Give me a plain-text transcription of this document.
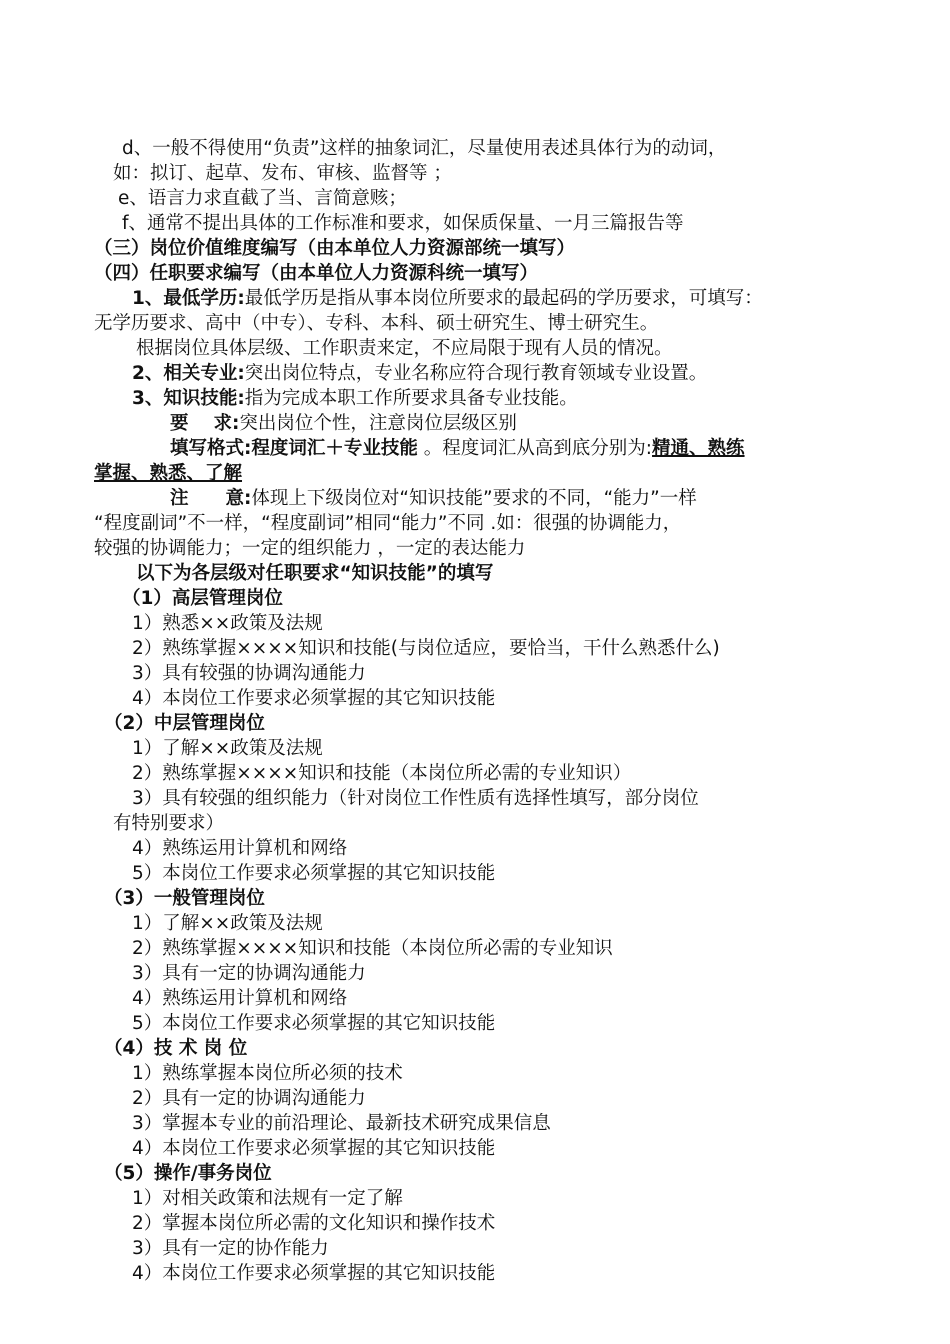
d、一般不得使用“负责”这样的抽象词汇，尽量使用表述具体行为的动词，
如：拟订、起草、发布、审核、监督等 ；
e、语言力求直截了当、言简意赅；
f、通常不提出具体的工作标准和要求，如保质保量、一月三篇报告等
（三）岗位价值维度编写（由本单位人力资源部统一填写）
（四）任职要求编写（由本单位人力资源科统一填写）
1、最低学历:最低学历是指从事本岗位所要求的最起码的学历要求，可填写：
无学历要求、高中（中专）、专科、本科、硕士研究生、博士研究生。
根据岗位具体层级、工作职责来定，不应局限于现有人员的情况。
2、相关专业:突出岗位特点，专业名称应符合现行教育领域专业设置。
3、知识技能:指为完成本职工作所要求具备专业技能。
要　 求:突出岗位个性，注意岗位层级区别
填写格式:程度词汇＋专业技能 。程度词汇从高到底分别为:精通、熟练
掌握、熟悉、了解
注　　意:体现上下级岗位对“知识技能”要求的不同，“能力”一样
“程度副词”不一样，“程度副词”相同“能力”不同 .如：很强的协调能力，
较强的协调能力；一定的组织能力 ，一定的表达能力
以下为各层级对任职要求“知识技能”的填写
（1）高层管理岗位
1）熟悉××政策及法规
2）熟练掌握××××知识和技能(与岗位适应，要恰当，干什么熟悉什么)
3）具有较强的协调沟通能力
4）本岗位工作要求必须掌握的其它知识技能
（2）中层管理岗位
1）了解××政策及法规
2）熟练掌握××××知识和技能（本岗位所必需的专业知识）
3）具有较强的组织能力（针对岗位工作性质有选择性填写，部分岗位
有特别要求）
4）熟练运用计算机和网络
5）本岗位工作要求必须掌握的其它知识技能
（3）一般管理岗位
1）了解××政策及法规
2）熟练掌握××××知识和技能（本岗位所必需的专业知识
3）具有一定的协调沟通能力
4）熟练运用计算机和网络
5）本岗位工作要求必须掌握的其它知识技能
（4）技 术 岗 位
1）熟练掌握本岗位所必须的技术
2）具有一定的协调沟通能力
3）掌握本专业的前沿理论、最新技术研究成果信息
4）本岗位工作要求必须掌握的其它知识技能
（5）操作/事务岗位
1）对相关政策和法规有一定了解
2）掌握本岗位所必需的文化知识和操作技术
3）具有一定的协作能力
4）本岗位工作要求必须掌握的其它知识技能
